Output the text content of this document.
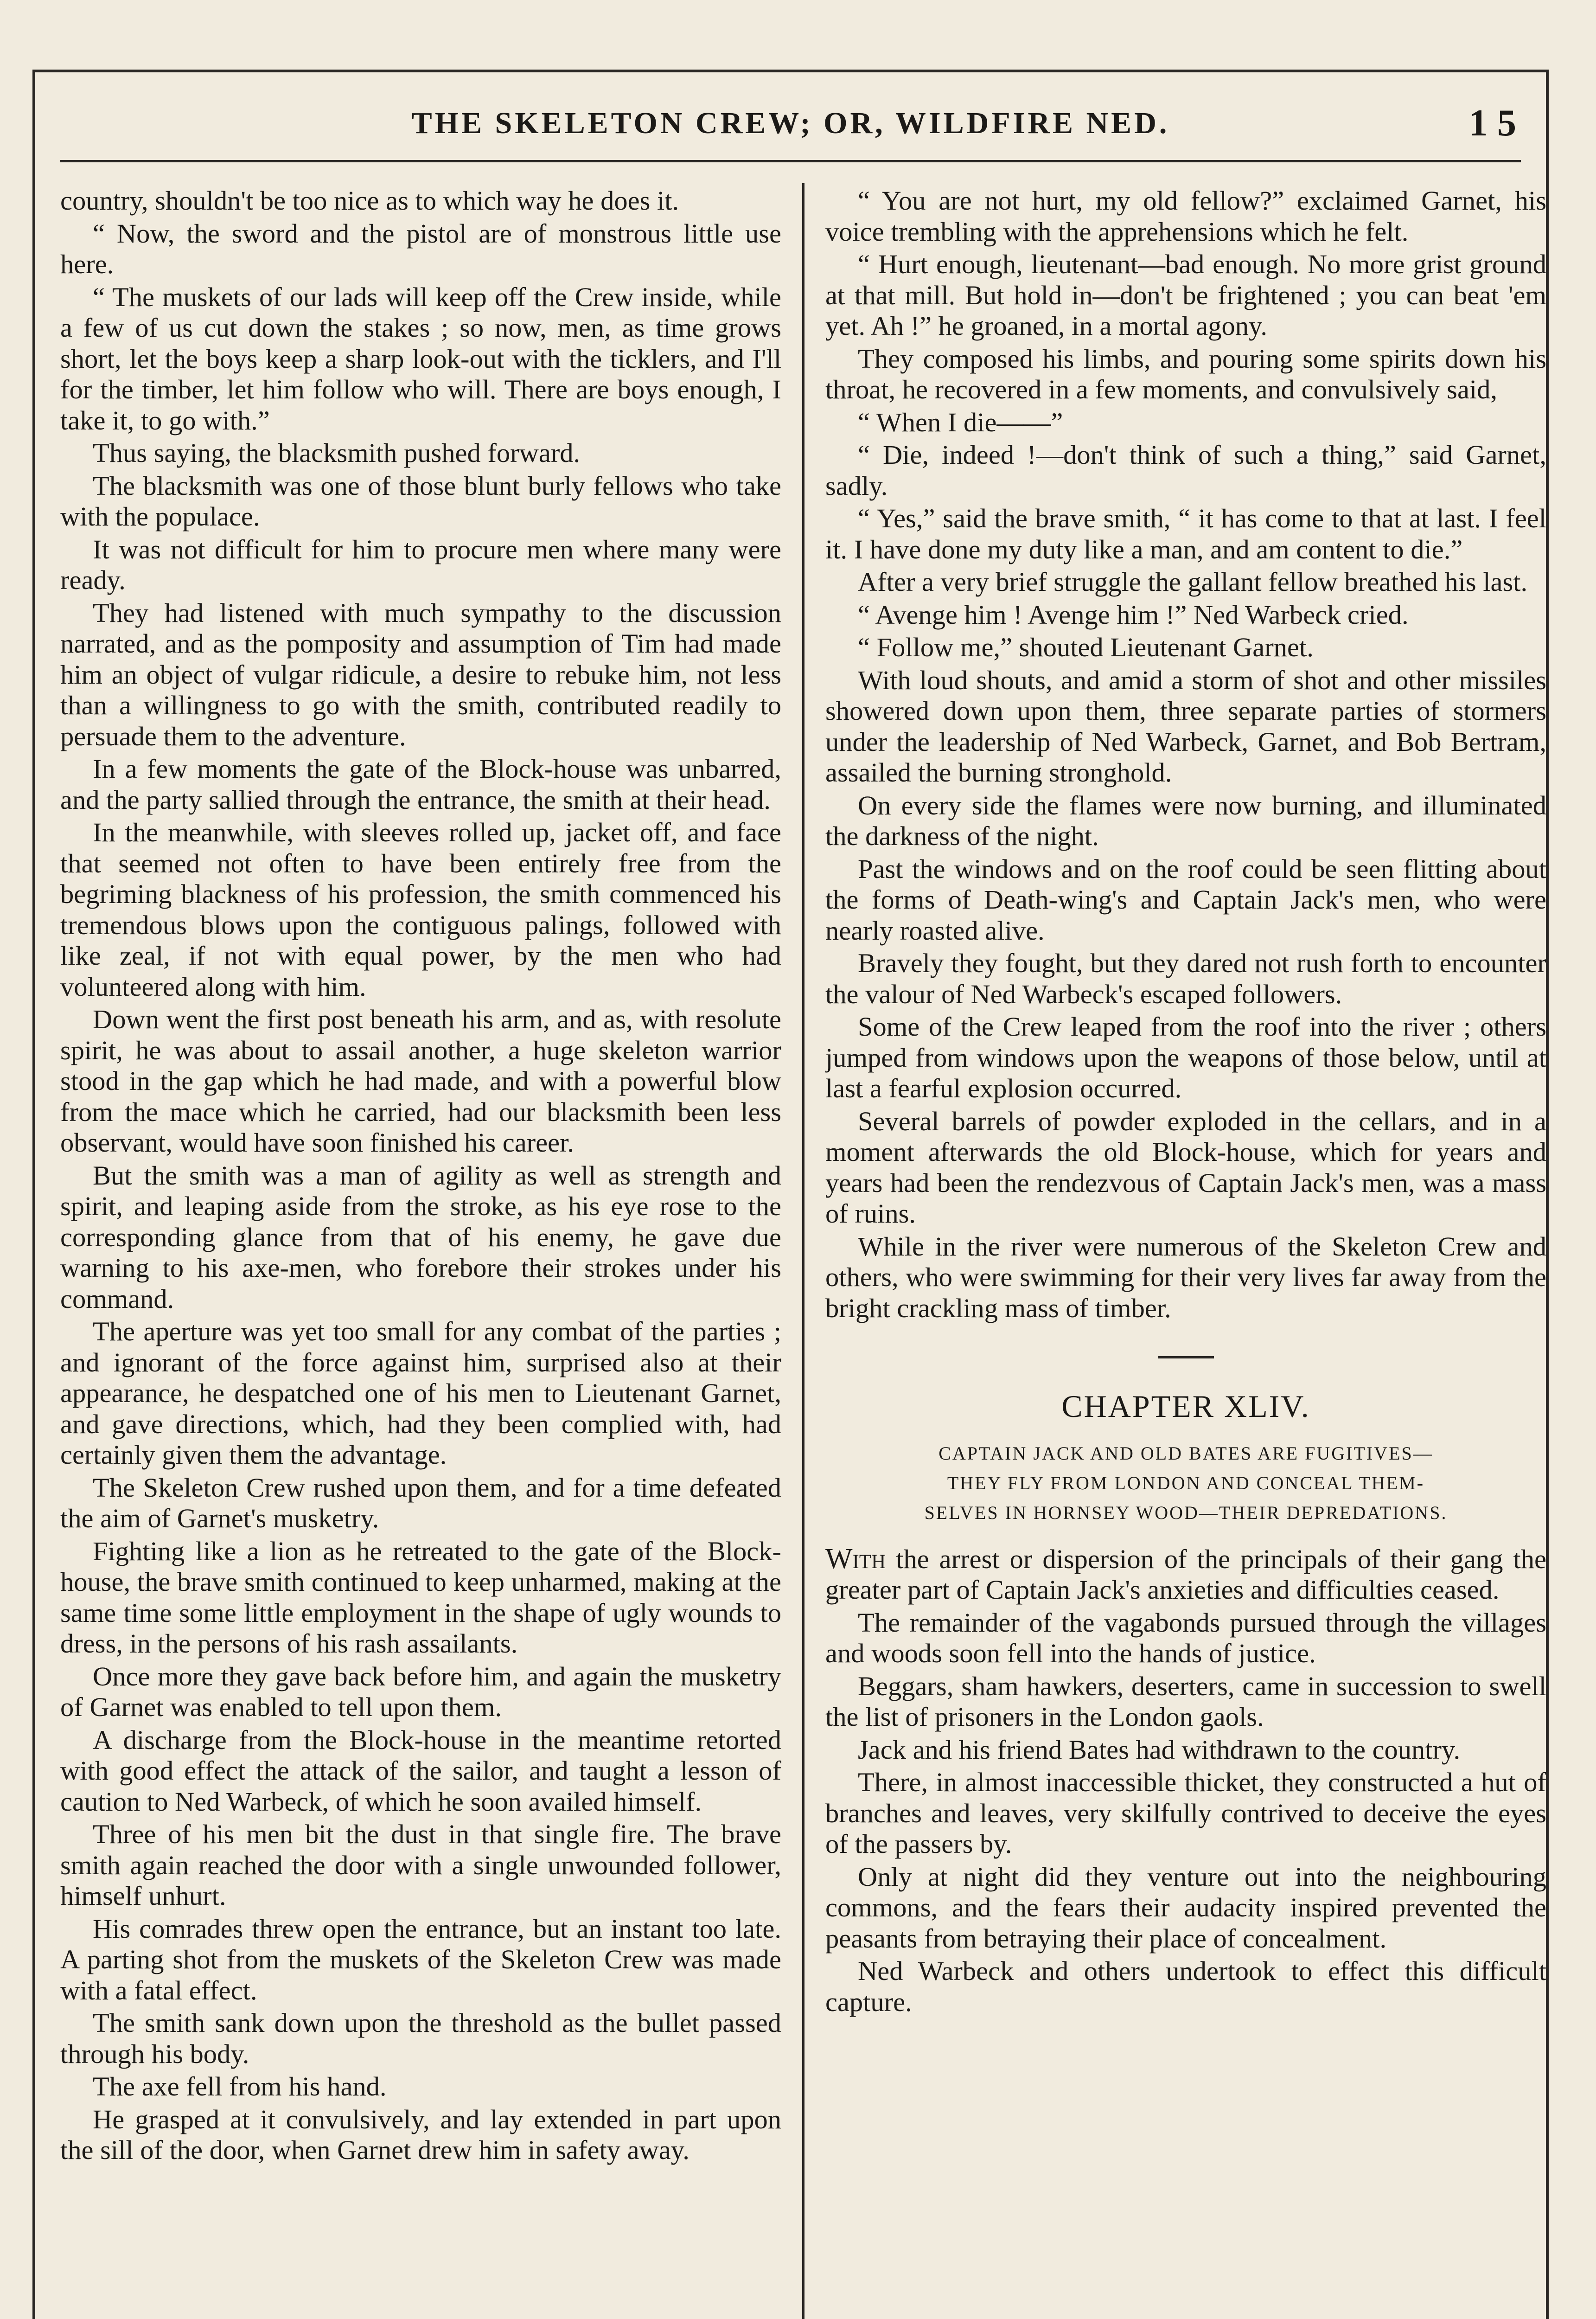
THE SKELETON CREW; OR, WILDFIRE NED.	1 5

country, shouldn't be too nice as to which way he does it.

“ Now, the sword and the pistol are of monstrous little use here.

“ The muskets of our lads will keep off the Crew inside, while a few of us cut down the stakes ; so now, men, as time grows short, let the boys keep a sharp look-out with the ticklers, and I'll for the timber, let him follow who will. There are boys enough, I take it, to go with.”

Thus saying, the blacksmith pushed forward.

The blacksmith was one of those blunt burly fellows who take with the populace.

It was not difficult for him to procure men where many were ready.

They had listened with much sympathy to the discussion narrated, and as the pomposity and assumption of Tim had made him an object of vulgar ridicule, a desire to rebuke him, not less than a willingness to go with the smith, contributed readily to persuade them to the adventure.

In a few moments the gate of the Block-house was unbarred, and the party sallied through the entrance, the smith at their head.

In the meanwhile, with sleeves rolled up, jacket off, and face that seemed not often to have been entirely free from the begriming blackness of his profession, the smith commenced his tremendous blows upon the contiguous palings, followed with like zeal, if not with equal power, by the men who had volunteered along with him.

Down went the first post beneath his arm, and as, with resolute spirit, he was about to assail another, a huge skeleton warrior stood in the gap which he had made, and with a powerful blow from the mace which he carried, had our blacksmith been less observant, would have soon finished his career.

But the smith was a man of agility as well as strength and spirit, and leaping aside from the stroke, as his eye rose to the corresponding glance from that of his enemy, he gave due warning to his axe-men, who forebore their strokes under his command.

The aperture was yet too small for any combat of the parties ; and ignorant of the force against him, surprised also at their appearance, he despatched one of his men to Lieutenant Garnet, and gave directions, which, had they been complied with, had certainly given them the advantage.

The Skeleton Crew rushed upon them, and for a time defeated the aim of Garnet's musketry.

Fighting like a lion as he retreated to the gate of the Block-house, the brave smith continued to keep unharmed, making at the same time some little employment in the shape of ugly wounds to dress, in the persons of his rash assailants.

Once more they gave back before him, and again the musketry of Garnet was enabled to tell upon them.

A discharge from the Block-house in the meantime retorted with good effect the attack of the sailor, and taught a lesson of caution to Ned Warbeck, of which he soon availed himself.

Three of his men bit the dust in that single fire. The brave smith again reached the door with a single unwounded follower, himself unhurt.

His comrades threw open the entrance, but an instant too late. A parting shot from the muskets of the Skeleton Crew was made with a fatal effect.

The smith sank down upon the threshold as the bullet passed through his body.

The axe fell from his hand.

He grasped at it convulsively, and lay extended in part upon the sill of the door, when Garnet drew him in safety away.

“ You are not hurt, my old fellow?” exclaimed Garnet, his voice trembling with the apprehensions which he felt.

“ Hurt enough, lieutenant—bad enough. No more grist ground at that mill. But hold in—don't be frightened ; you can beat 'em yet. Ah !” he groaned, in a mortal agony.

They composed his limbs, and pouring some spirits down his throat, he recovered in a few moments, and convulsively said,

“ When I die——”

“ Die, indeed !—don't think of such a thing,” said Garnet, sadly.

“ Yes,” said the brave smith, “ it has come to that at last. I feel it. I have done my duty like a man, and am content to die.”

After a very brief struggle the gallant fellow breathed his last.

“ Avenge him ! Avenge him !” Ned Warbeck cried.

“ Follow me,” shouted Lieutenant Garnet.

With loud shouts, and amid a storm of shot and other missiles showered down upon them, three separate parties of stormers under the leadership of Ned Warbeck, Garnet, and Bob Bertram, assailed the burning stronghold.

On every side the flames were now burning, and illuminated the darkness of the night.

Past the windows and on the roof could be seen flitting about the forms of Death-wing's and Captain Jack's men, who were nearly roasted alive.

Bravely they fought, but they dared not rush forth to encounter the valour of Ned Warbeck's escaped followers.

Some of the Crew leaped from the roof into the river ; others jumped from windows upon the weapons of those below, until at last a fearful explosion occurred.

Several barrels of powder exploded in the cellars, and in a moment afterwards the old Block-house, which for years and years had been the rendezvous of Captain Jack's men, was a mass of ruins.

While in the river were numerous of the Skeleton Crew and others, who were swimming for their very lives far away from the bright crackling mass of timber.

CHAPTER XLIV.
CAPTAIN JACK AND OLD BATES ARE FUGITIVES—
THEY FLY FROM LONDON AND CONCEAL THEM-
SELVES IN HORNSEY WOOD—THEIR DEPREDATIONS.

With the arrest or dispersion of the principals of their gang the greater part of Captain Jack's anxieties and difficulties ceased.

The remainder of the vagabonds pursued through the villages and woods soon fell into the hands of justice.

Beggars, sham hawkers, deserters, came in succession to swell the list of prisoners in the London gaols.

Jack and his friend Bates had withdrawn to the country.

There, in almost inaccessible thicket, they constructed a hut of branches and leaves, very skilfully contrived to deceive the eyes of the passers by.

Only at night did they venture out into the neighbouring commons, and the fears their audacity inspired prevented the peasants from betraying their place of concealment.

Ned Warbeck and others undertook to effect this difficult capture.
